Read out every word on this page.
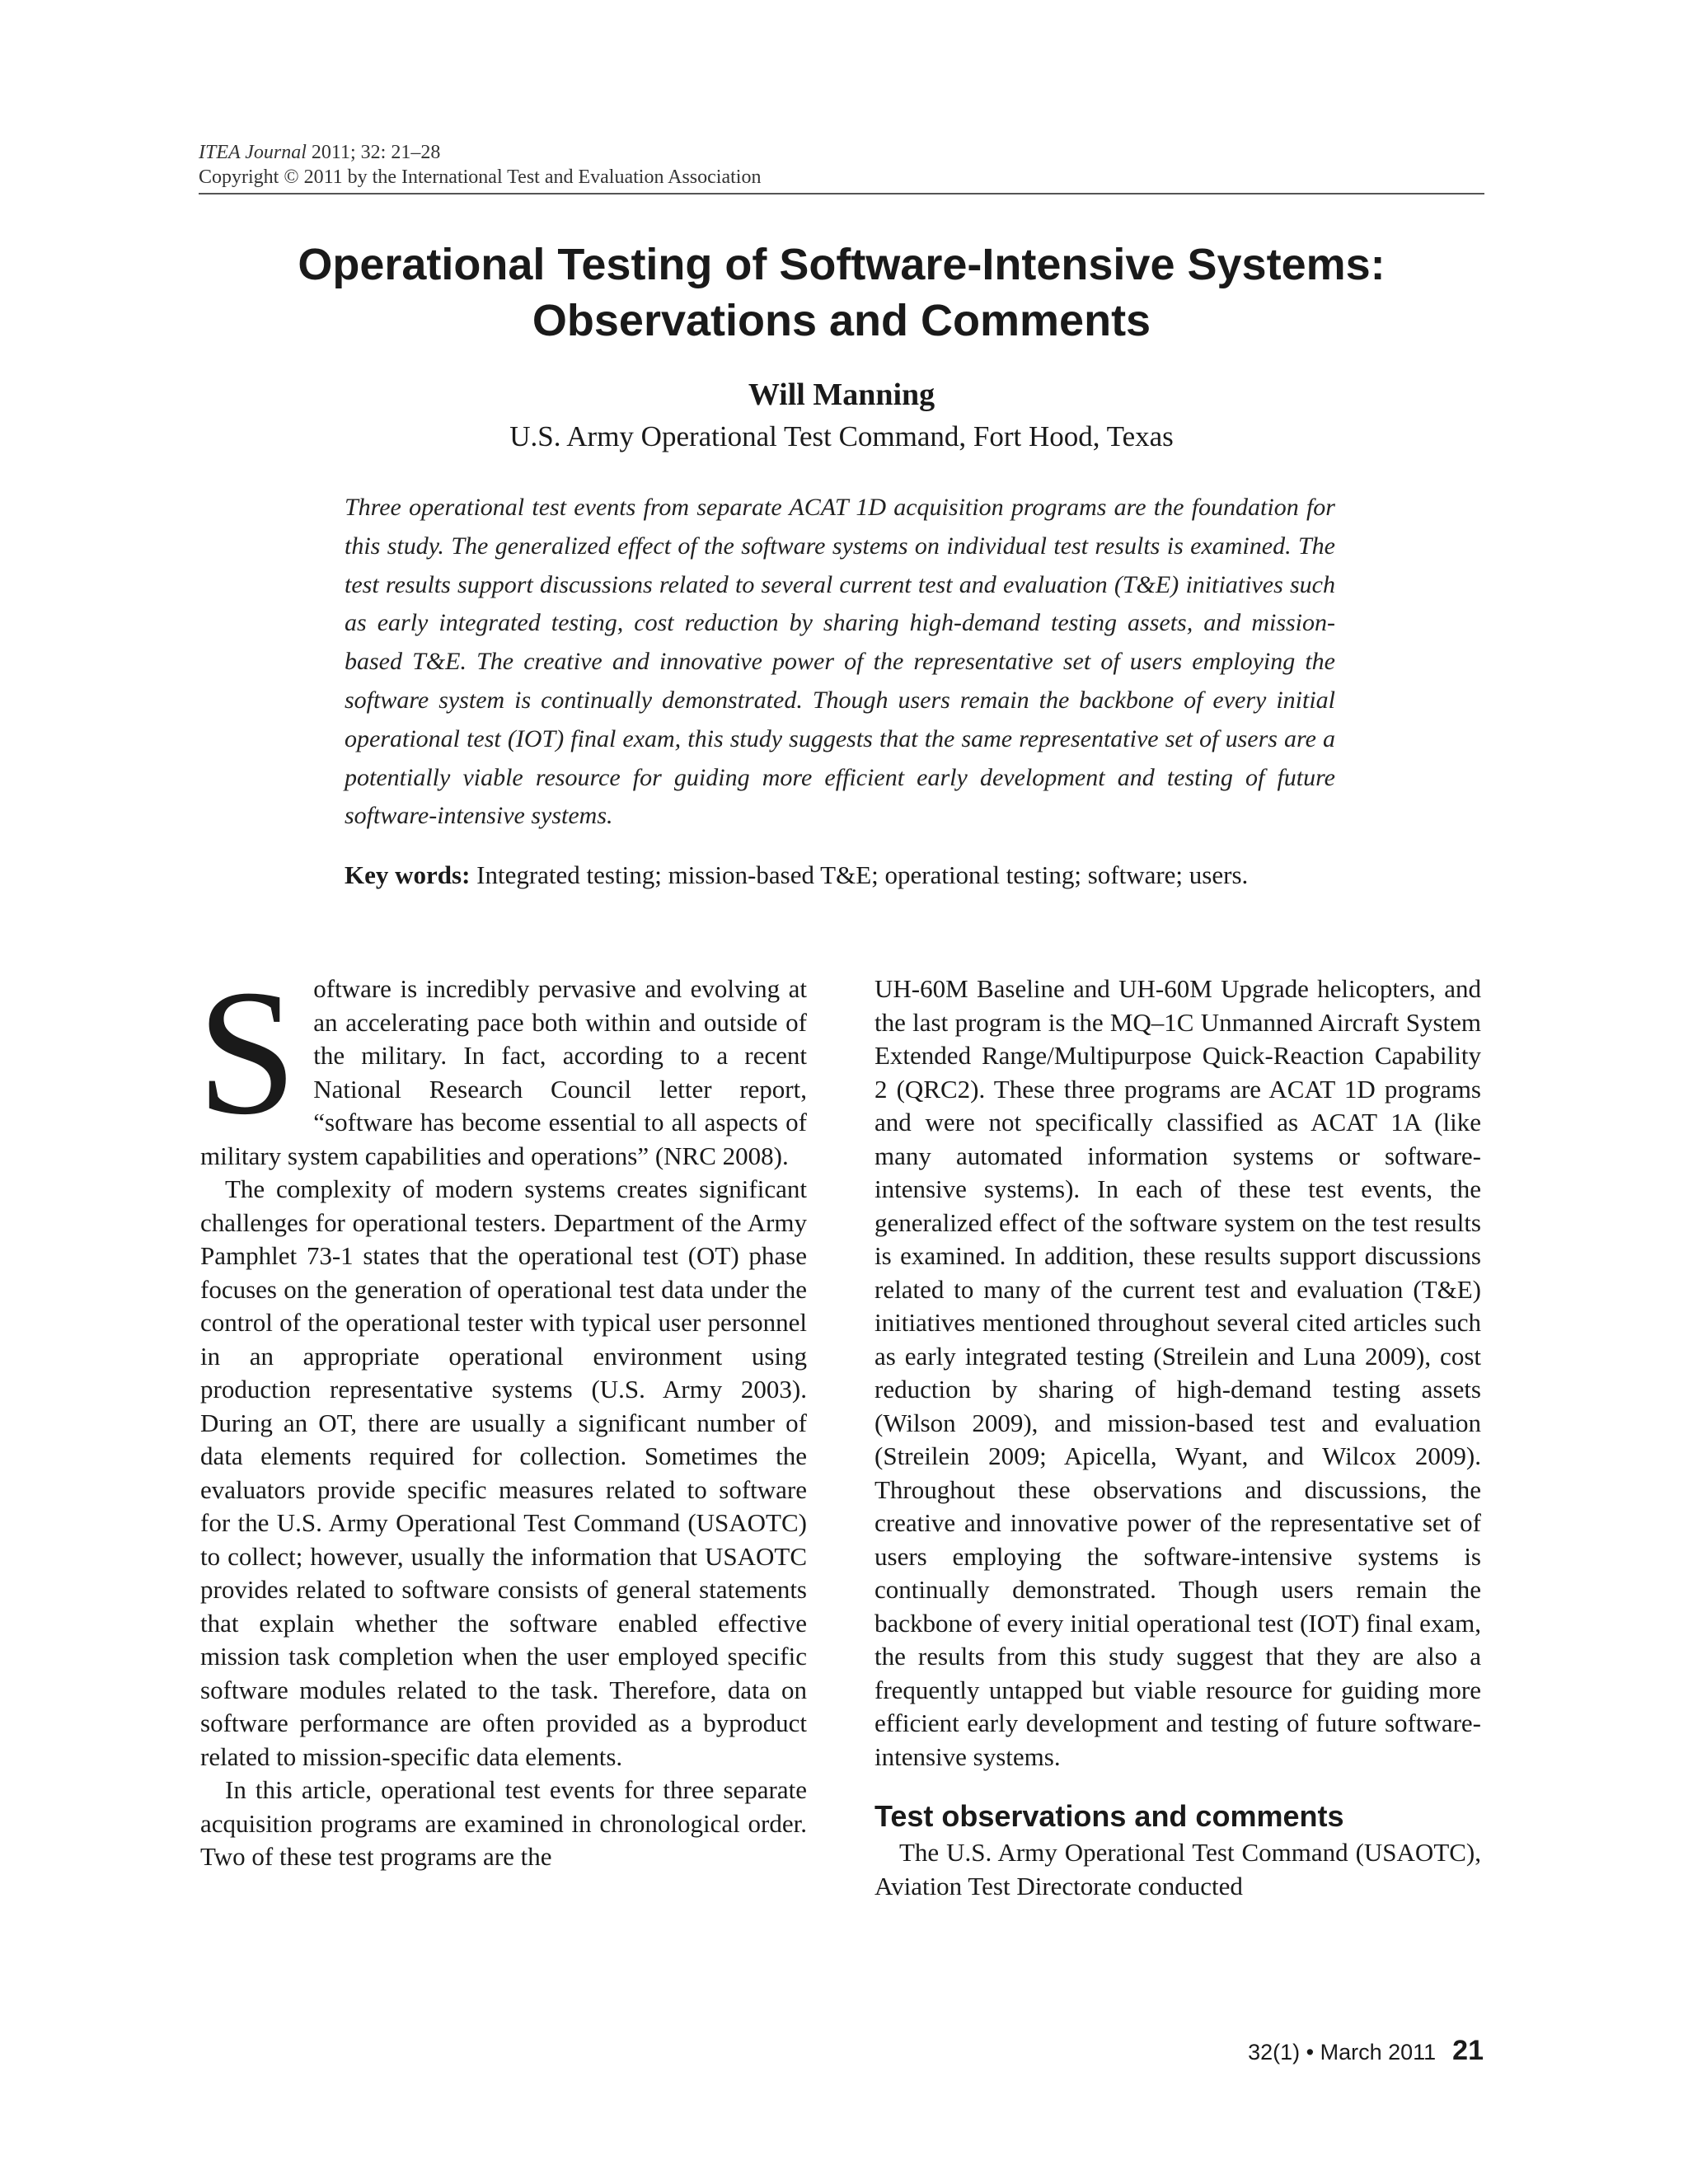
ITEA Journal 2011; 32: 21–28
Copyright © 2011 by the International Test and Evaluation Association
Operational Testing of Software-Intensive Systems:
Observations and Comments
Will Manning
U.S. Army Operational Test Command, Fort Hood, Texas
Three operational test events from separate ACAT 1D acquisition programs are the foundation for this study. The generalized effect of the software systems on individual test results is examined. The test results support discussions related to several current test and evaluation (T&E) initiatives such as early integrated testing, cost reduction by sharing high-demand testing assets, and mission-based T&E. The creative and innovative power of the representative set of users employing the software system is continually demonstrated. Though users remain the backbone of every initial operational test (IOT) final exam, this study suggests that the same representative set of users are a potentially viable resource for guiding more efficient early development and testing of future software-intensive systems.
Key words: Integrated testing; mission-based T&E; operational testing; software; users.

Software is incredibly pervasive and evolving at an accelerating pace both within and outside of the military. In fact, according to a recent National Research Council letter report, “software has become essential to all aspects of military system capabilities and operations” (NRC 2008).

The complexity of modern systems creates significant challenges for operational testers. Department of the Army Pamphlet 73-1 states that the operational test (OT) phase focuses on the generation of operational test data under the control of the operational tester with typical user personnel in an appropriate operational environment using production representative systems (U.S. Army 2003). During an OT, there are usually a significant number of data elements required for collection. Sometimes the evaluators provide specific measures related to software for the U.S. Army Operational Test Command (USAOTC) to collect; however, usually the information that USAOTC provides related to software consists of general statements that explain whether the software enabled effective mission task completion when the user employed specific software modules related to the task. Therefore, data on software performance are often provided as a byproduct related to mission-specific data elements.

In this article, operational test events for three separate acquisition programs are examined in chronological order. Two of these test programs are the

UH-60M Baseline and UH-60M Upgrade helicopters, and the last program is the MQ–1C Unmanned Aircraft System Extended Range/Multipurpose Quick-Reaction Capability 2 (QRC2). These three programs are ACAT 1D programs and were not specifically classified as ACAT 1A (like many automated information systems or software-intensive systems). In each of these test events, the generalized effect of the software system on the test results is examined. In addition, these results support discussions related to many of the current test and evaluation (T&E) initiatives mentioned throughout several cited articles such as early integrated testing (Streilein and Luna 2009), cost reduction by sharing of high-demand testing assets (Wilson 2009), and mission-based test and evaluation (Streilein 2009; Apicella, Wyant, and Wilcox 2009). Throughout these observations and discussions, the creative and innovative power of the representative set of users employing the software-intensive systems is continually demonstrated. Though users remain the backbone of every initial operational test (IOT) final exam, the results from this study suggest that they are also a frequently untapped but viable resource for guiding more efficient early development and testing of future software-intensive systems.

Test observations and comments

The U.S. Army Operational Test Command (USAOTC), Aviation Test Directorate conducted

32(1) • March 2011 21
